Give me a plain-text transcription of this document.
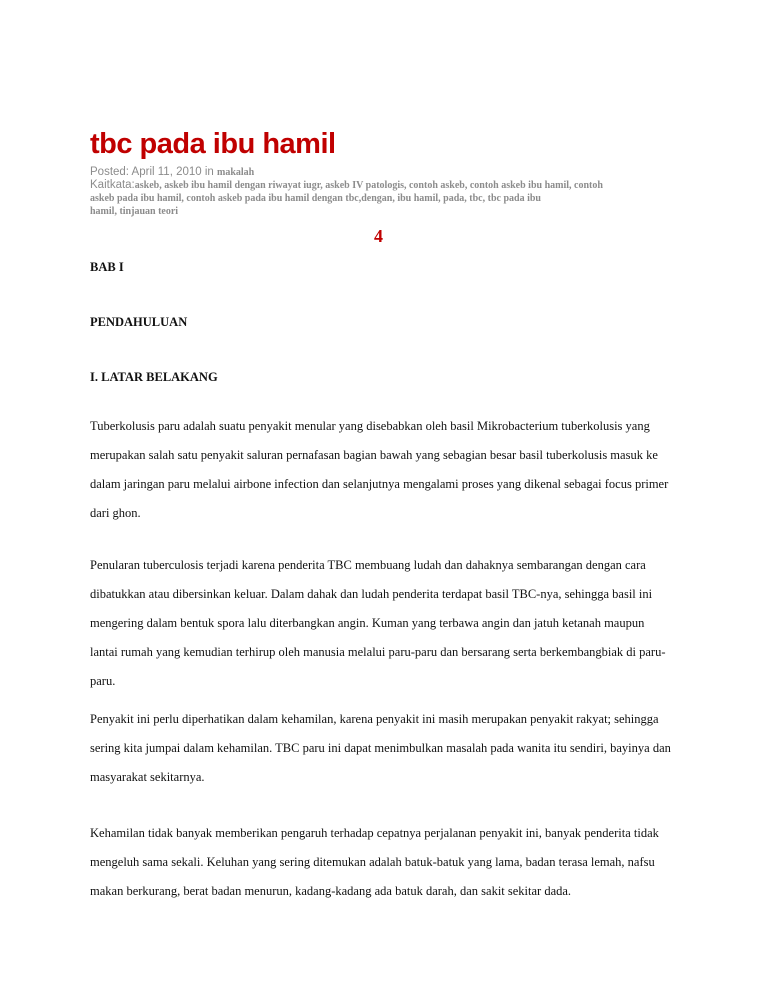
tbc pada ibu hamil
Posted: April 11, 2010 in makalah
Kaitkata:askeb, askeb ibu hamil dengan riwayat iugr, askeb IV patologis, contoh askeb, contoh askeb ibu hamil, contoh
askeb pada ibu hamil, contoh askeb pada ibu hamil dengan tbc,dengan, ibu hamil, pada, tbc, tbc pada ibu
hamil, tinjauan teori
4

BAB I

PENDAHULUAN

I. LATAR BELAKANG

Tuberkolusis paru adalah suatu penyakit menular yang disebabkan oleh basil Mikrobacterium tuberkolusis yang
merupakan salah satu penyakit saluran pernafasan bagian bawah yang sebagian besar basil tuberkolusis masuk ke
dalam jaringan paru melalui airbone infection dan selanjutnya mengalami proses yang dikenal sebagai focus primer
dari ghon.
Penularan tuberculosis terjadi karena penderita TBC membuang ludah dan dahaknya sembarangan dengan cara
dibatukkan atau dibersinkan keluar. Dalam dahak dan ludah penderita terdapat basil TBC-nya, sehingga basil ini
mengering dalam bentuk spora lalu diterbangkan angin. Kuman yang terbawa angin dan jatuh ketanah maupun
lantai rumah yang kemudian terhirup oleh manusia melalui paru-paru dan bersarang serta berkembangbiak di paru-
paru.
Penyakit ini perlu diperhatikan dalam kehamilan, karena penyakit ini masih merupakan penyakit rakyat; sehingga
sering kita jumpai dalam kehamilan. TBC paru ini dapat menimbulkan masalah pada wanita itu sendiri, bayinya dan
masyarakat sekitarnya.
Kehamilan tidak banyak memberikan pengaruh terhadap cepatnya perjalanan penyakit ini, banyak penderita tidak
mengeluh sama sekali. Keluhan yang sering ditemukan adalah batuk-batuk yang lama, badan terasa lemah, nafsu
makan berkurang, berat badan menurun, kadang-kadang ada batuk darah, dan sakit sekitar dada.
